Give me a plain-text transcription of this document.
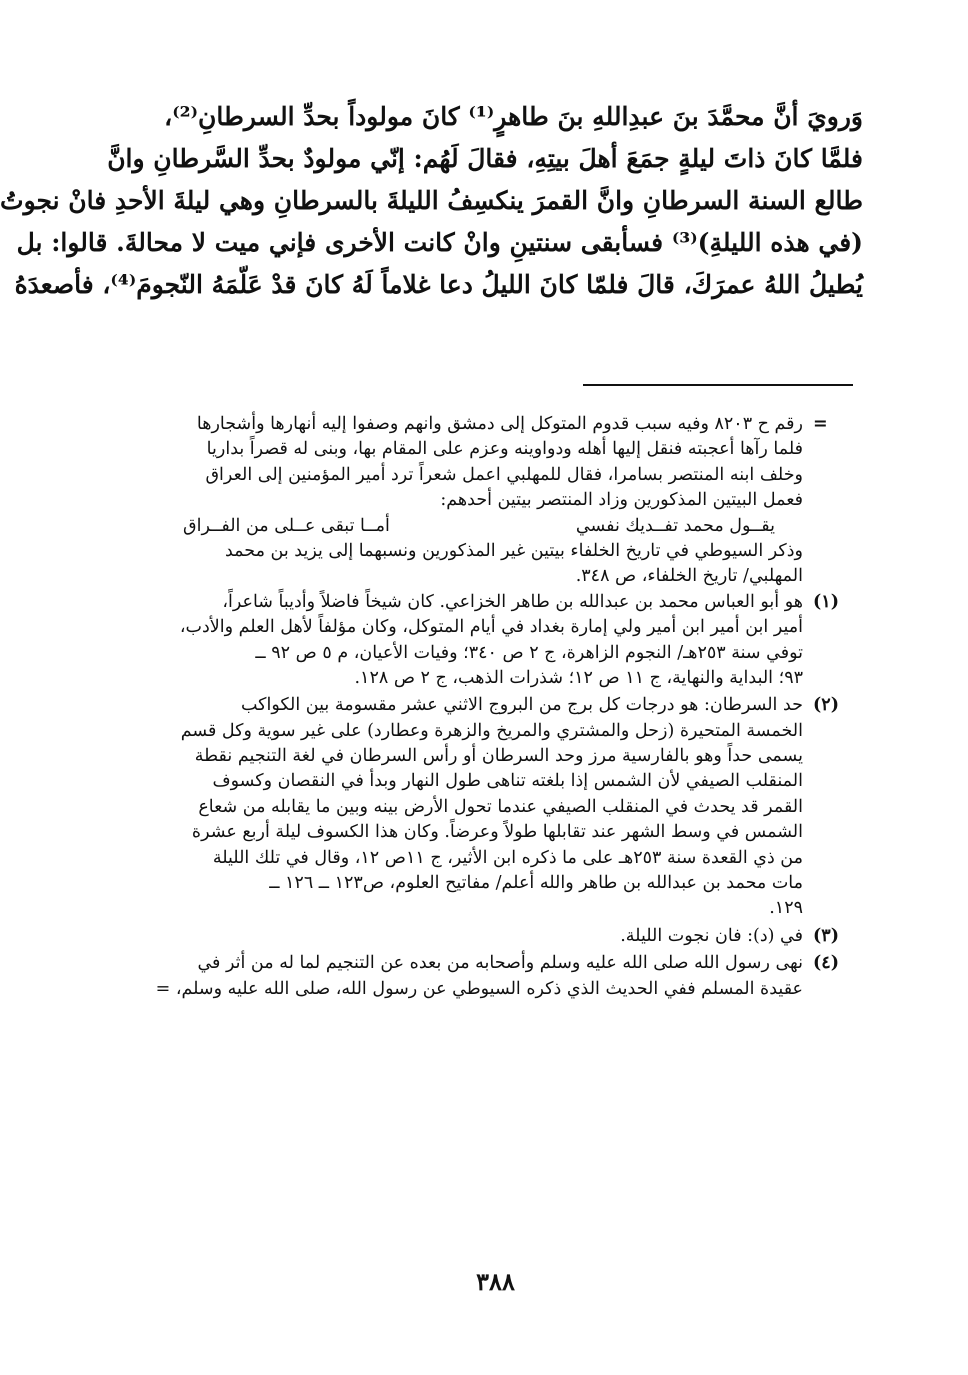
وَرويَ أنَّ محمَّدَ بنَ عبدِاللهِ بنَ طاهرٍ⁽¹⁾ كانَ مولوداً بحدِّ السرطانِ⁽²⁾،
فلمَّا كانَ ذاتَ ليلةٍ جمَعَ أهلَ بيتِهِ، فقالَ لَهُم: إنّي مولودٌ بحدِّ السَّرطانِ وانَّ
طالع السنة السرطانِ وانَّ القمرَ ينكسِفُ الليلةَ بالسرطانِ وهي ليلةَ الأحدِ فانْ نجوتُ
(في هذه الليلةِ)⁽³⁾ فسأبقى سنتينِ وانْ كانت الأخرى فإني ميت لا محالةَ. قالوا: بل
يُطيلُ اللهُ عمرَكَ، قالَ فلمّا كانَ الليلُ دعا غلاماً لَهُ كانَ قدْ عَلّمَهُ النّجومَ⁽⁴⁾، فأصعدَهُ
=
رقم ح ٨٢٠٣ وفيه سبب قدوم المتوكل إلى دمشق وانهم وصفوا إليه أنهارها وأشجارها
فلما رآها أعجبته فنقل إليها أهله ودواوينه وعزم على المقام بها، وبنى له قصراً بداريا
وخلف ابنه المنتصر بسامرا، فقال للمهلبي اعمل شعراً ترد أمير المؤمنين إلى العراق
فعمل البيتين المذكورين وزاد المنتصر بيتين أحدهم:
يقــول محمد تفــديك نفسي
أمــا تبقى عــلى من الفــراق
وذكر السيوطي في تاريخ الخلفاء بيتين غير المذكورين ونسبهما إلى يزيد بن محمد
المهلبي/ تاريخ الخلفاء، ص ٣٤٨.
(١)
هو أبو العباس محمد بن عبدالله بن طاهر الخزاعي. كان شيخاً فاضلاً وأديباً شاعراً،
أمير ابن أمير ابن أمير ولي إمارة بغداد في أيام المتوكل، وكان مؤلفاً لأهل العلم والأدب،
توفي سنة ٢٥٣هـ/ النجوم الزاهرة، ج ٢ ص ٣٤٠؛ وفيات الأعيان، م ٥ ص ٩٢ ــ
٩٣؛ البداية والنهاية، ج ١١ ص ١٢؛ شذرات الذهب، ج ٢ ص ١٢٨.
(٢)
حد السرطان: هو درجات كل برج من البروج الاثني عشر مقسومة بين الكواكب
الخمسة المتحيرة (زحل والمشتري والمريخ والزهرة وعطارد) على غير سوية وكل قسم
يسمى حداً وهو بالفارسية مرز وحد السرطان أو رأس السرطان في لغة التنجيم نقطة
المنقلب الصيفي لأن الشمس إذا بلغته تناهى طول النهار وبدأ في النقصان وكسوف
القمر قد يحدث في المنقلب الصيفي عندما تحول الأرض بينه وبين ما يقابله من شعاع
الشمس في وسط الشهر عند تقابلها طولاً وعرضاً. وكان هذا الكسوف ليلة أربع عشرة
من ذي القعدة سنة ٢٥٣هـ على ما ذكره ابن الأثير، ج ١١ص ١٢، وقال في تلك الليلة
مات محمد بن عبدالله بن طاهر والله أعلم/ مفاتيح العلوم، ص١٢٣ ــ ١٢٦ ــ
١٢٩.
(٣)
في (د): فان نجوت الليلة.
(٤)
نهى رسول الله صلى الله عليه وسلم وأصحابه من بعده عن التنجيم لما له من أثر في
عقيدة المسلم ففي الحديث الذي ذكره السيوطي عن رسول الله، صلى الله عليه وسلم، =
٣٨٨
